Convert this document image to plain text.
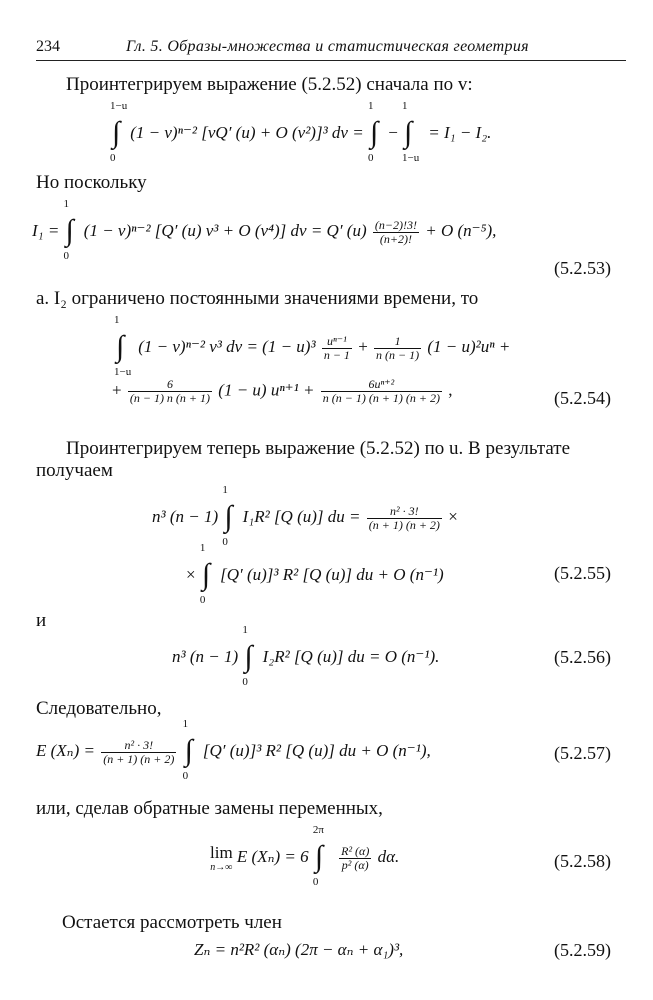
234	Гл. 5. Образы-множества и статистическая геометрия
Проинтегрируем выражение (5.2.52) сначала по v:
1−u
∫
0
(1 − v)ⁿ⁻² [vQ′ (u) + O (v²)]³ dv =
1
∫
0
−
1
∫
1−u
= I₁ − I₂.
Но поскольку
I₁ =
1
∫
0
(1 − v)ⁿ⁻² [Q′ (u) v³ + O (v⁴)] dv = Q′ $(u) \frac{(n-2)!3!}{(n+2)!} + O$ (n⁻⁵),
(5.2.53)
а. I₂ ограничено постоянными значениями времени, то
1
∫
1−u
(1 − v)ⁿ⁻² v³ dv = $(1 - u)^3 \frac{\text{uⁿ⁻¹}}{n - 1} + \frac{1}{n (n - 1)} (1 - u)^2u^n$ +
+ $\frac{6}{(n - 1) n (n + 1)} (1 - u) u^{n+1} + \frac{\text{6uⁿ⁺²}}{n (n - 1) (n + 1) (n + 2)}$ ,	(5.2.54)
Проинтегрируем теперь выражение (5.2.52) по u. В результате
получаем
n³ (n − 1)
1
∫
0
I₁R² [Q (u)] du = $\frac{\text{n² · 3!}}{(n + 1) (n + 2)}$ ×
×
1
∫
0
[Q′ (u)]³ R² [Q (u)] du + O (n⁻¹)	(5.2.55)
и
n³ (n − 1)
1
∫
0
I₂R² [Q (u)] du = O (n⁻¹).	(5.2.56)
Следовательно,
E $(X_n) = \frac{\text{n² · 3!}}{(n + 1) (n + 2)}$

1
∫
0
[Q′ (u)]³ R² [Q (u)] du + O (n⁻¹),	(5.2.57)
или, сделав обратные замены переменных,
lim
n→∞
E (Xₙ) = 6
2π
∫
0

$\frac{\text{R² (α)}}{\text{p² (α)}} d\alpha$.	(5.2.58)
Остается рассмотреть член
Zₙ = n²R² (αₙ) (2π − αₙ + α₁)³,	(5.2.59)
